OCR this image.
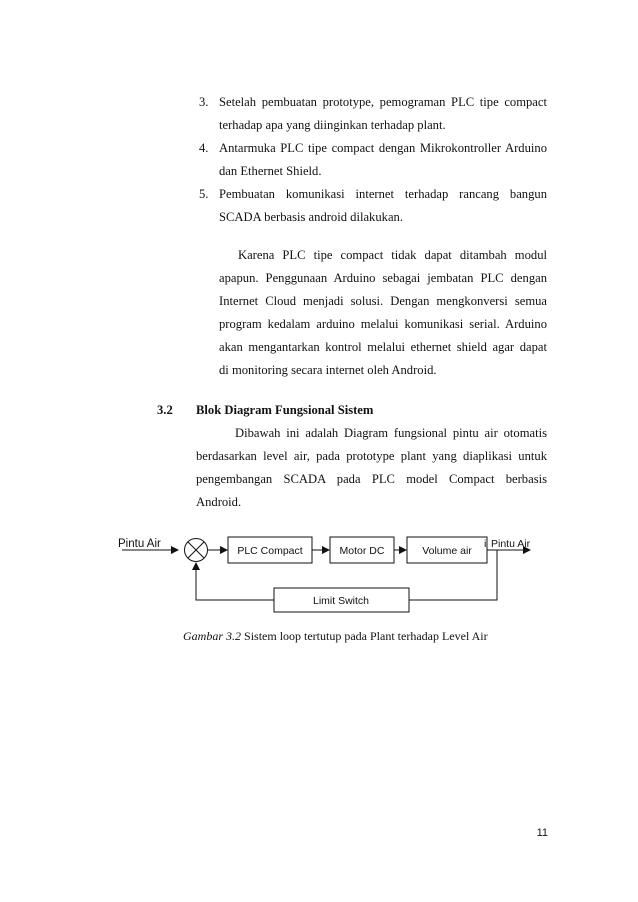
3. Setelah pembuatan prototype, pemograman PLC tipe compact
terhadap apa yang diinginkan terhadap plant.
4. Antarmuka PLC tipe compact dengan Mikrokontroller Arduino
dan Ethernet Shield.
5. Pembuatan komunikasi internet terhadap rancang bangun
SCADA berbasis android dilakukan.
Karena PLC tipe compact tidak dapat ditambah modul
apapun. Penggunaan Arduino sebagai jembatan PLC dengan
Internet Cloud menjadi solusi. Dengan mengkonversi semua
program kedalam arduino melalui komunikasi serial. Arduino
akan mengantarkan kontrol melalui ethernet shield agar dapat
di monitoring secara internet oleh Android.
3.2 Blok Diagram Fungsional Sistem
Dibawah ini adalah Diagram fungsional pintu air otomatis
berdasarkan level air, pada prototype plant yang diaplikasi untuk
pengembangan SCADA pada PLC model Compact berbasis
Android.
Pintu Air
PLC Compact	Motor DC	Volume air
i Pintu Air
Limit Switch
Gambar 3.2 Sistem loop tertutup pada Plant terhadap Level Air
11
